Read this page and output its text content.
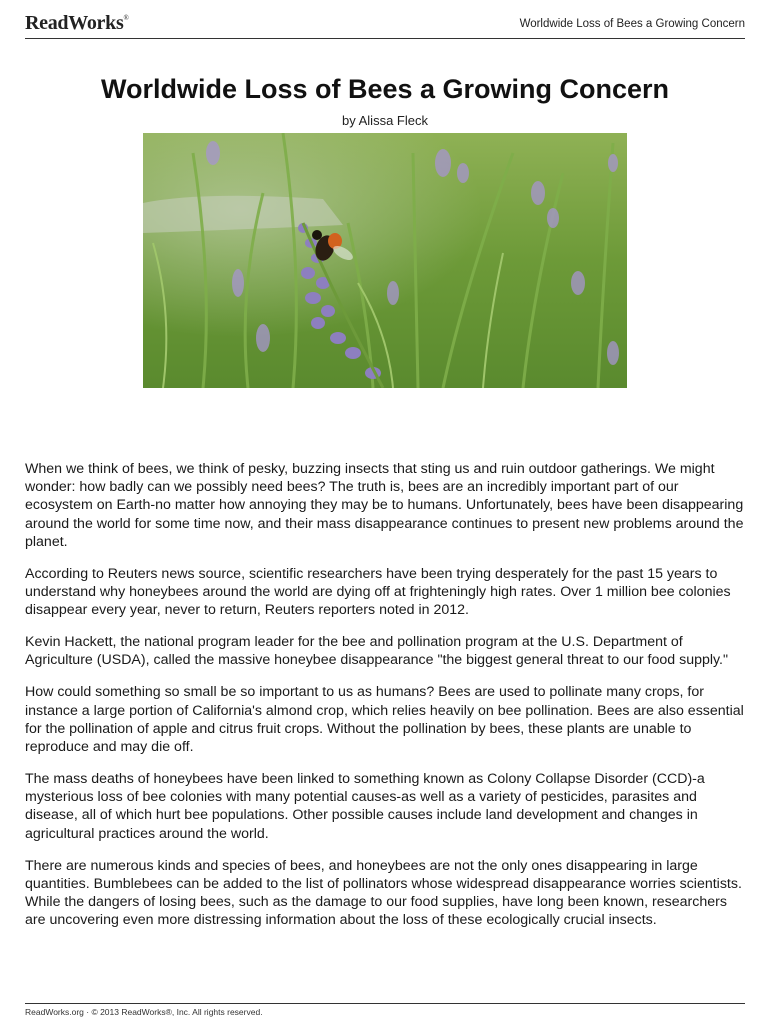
ReadWorks®	Worldwide Loss of Bees a Growing Concern
Worldwide Loss of Bees a Growing Concern
by Alissa Fleck

When we think of bees, we think of pesky, buzzing insects that sting us and ruin outdoor gatherings. We might wonder: how badly can we possibly need bees? The truth is, bees are an incredibly important part of our ecosystem on Earth-no matter how annoying they may be to humans. Unfortunately, bees have been disappearing around the world for some time now, and their mass disappearance continues to present new problems around the planet.

According to Reuters news source, scientific researchers have been trying desperately for the past 15 years to understand why honeybees around the world are dying off at frighteningly high rates. Over 1 million bee colonies disappear every year, never to return, Reuters reporters noted in 2012.

Kevin Hackett, the national program leader for the bee and pollination program at the U.S. Department of Agriculture (USDA), called the massive honeybee disappearance "the biggest general threat to our food supply."

How could something so small be so important to us as humans? Bees are used to pollinate many crops, for instance a large portion of California's almond crop, which relies heavily on bee pollination. Bees are also essential for the pollination of apple and citrus fruit crops. Without the pollination by bees, these plants are unable to reproduce and may die off.

The mass deaths of honeybees have been linked to something known as Colony Collapse Disorder (CCD)-a mysterious loss of bee colonies with many potential causes-as well as a variety of pesticides, parasites and disease, all of which hurt bee populations. Other possible causes include land development and changes in agricultural practices around the world.

There are numerous kinds and species of bees, and honeybees are not the only ones disappearing in large quantities. Bumblebees can be added to the list of pollinators whose widespread disappearance worries scientists. While the dangers of losing bees, such as the damage to our food supplies, have long been known, researchers are uncovering even more distressing information about the loss of these ecologically crucial insects.

ReadWorks.org · © 2013 ReadWorks®, Inc. All rights reserved.
